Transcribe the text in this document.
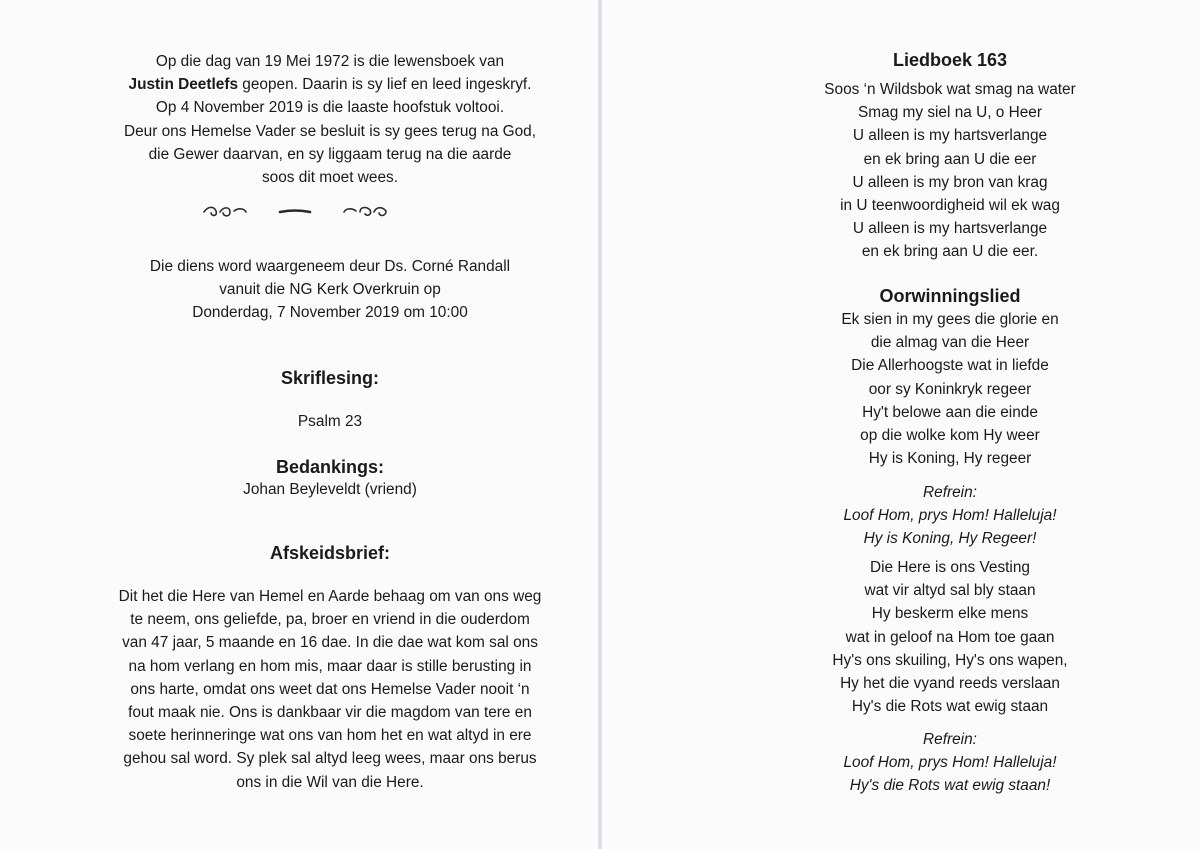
Op die dag van 19 Mei 1972 is die lewensboek van
Justin Deetlefs geopen. Daarin is sy lief en leed ingeskryf.
Op 4 November 2019 is die laaste hoofstuk voltooi.
Deur ons Hemelse Vader se besluit is sy gees terug na God,
die Gewer daarvan, en sy liggaam terug na die aarde
soos dit moet wees.
Die diens word waargeneem deur Ds. Corné Randall
vanuit die NG Kerk Overkruin op
Donderdag, 7 November 2019 om 10:00
Skriflesing:
Psalm 23
Bedankings:
Johan Beyleveldt (vriend)
Afskeidsbrief:
Dit het die Here van Hemel en Aarde behaag om van ons weg
te neem, ons geliefde, pa, broer en vriend in die ouderdom
van 47 jaar, 5 maande en 16 dae. In die dae wat kom sal ons
na hom verlang en hom mis, maar daar is stille berusting in
ons harte, omdat ons weet dat ons Hemelse Vader nooit ‘n
fout maak nie. Ons is dankbaar vir die magdom van tere en
soete herinneringe wat ons van hom het en wat altyd in ere
gehou sal word. Sy plek sal altyd leeg wees, maar ons berus
ons in die Wil van die Here.
Liedboek 163
Soos ‘n Wildsbok wat smag na water
Smag my siel na U, o Heer
U alleen is my hartsverlange
en ek bring aan U die eer
U alleen is my bron van krag
in U teenwoordigheid wil ek wag
U alleen is my hartsverlange
en ek bring aan U die eer.
Oorwinningslied
Ek sien in my gees die glorie en
die almag van die Heer
Die Allerhoogste wat in liefde
oor sy Koninkryk regeer
Hy't belowe aan die einde
op die wolke kom Hy weer
Hy is Koning, Hy regeer
Refrein:
Loof Hom, prys Hom! Halleluja!
Hy is Koning, Hy Regeer!
Die Here is ons Vesting
wat vir altyd sal bly staan
Hy beskerm elke mens
wat in geloof na Hom toe gaan
Hy's ons skuiling, Hy's ons wapen,
Hy het die vyand reeds verslaan
Hy's die Rots wat ewig staan
Refrein:
Loof Hom, prys Hom! Halleluja!
Hy's die Rots wat ewig staan!
